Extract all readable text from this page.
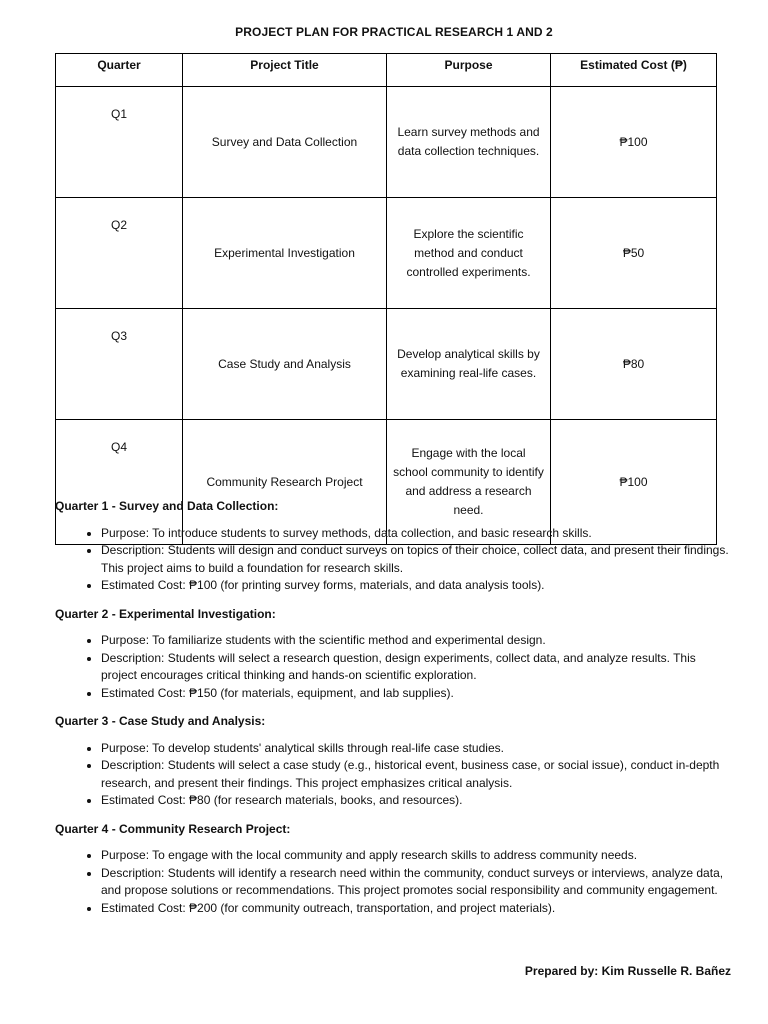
PROJECT PLAN FOR PRACTICAL RESEARCH 1 AND 2
Quarter	Project Title	Purpose	Estimated Cost (₱)
Q1	Survey and Data Collection	Learn survey methods and data collection techniques.	₱100
Q2	Experimental Investigation	Explore the scientific method and conduct controlled experiments.	₱50
Q3	Case Study and Analysis	Develop analytical skills by examining real-life cases.	₱80
Q4	Community Research Project	Engage with the local school community to identify and address a research need.	₱100
Quarter 1 - Survey and Data Collection:
• Purpose: To introduce students to survey methods, data collection, and basic research skills.
• Description: Students will design and conduct surveys on topics of their choice, collect data, and present their findings. This project aims to build a foundation for research skills.
• Estimated Cost: ₱100 (for printing survey forms, materials, and data analysis tools).
Quarter 2 - Experimental Investigation:
• Purpose: To familiarize students with the scientific method and experimental design.
• Description: Students will select a research question, design experiments, collect data, and analyze results. This project encourages critical thinking and hands-on scientific exploration.
• Estimated Cost: ₱150 (for materials, equipment, and lab supplies).
Quarter 3 - Case Study and Analysis:
• Purpose: To develop students' analytical skills through real-life case studies.
• Description: Students will select a case study (e.g., historical event, business case, or social issue), conduct in-depth research, and present their findings. This project emphasizes critical analysis.
• Estimated Cost: ₱80 (for research materials, books, and resources).
Quarter 4 - Community Research Project:
• Purpose: To engage with the local community and apply research skills to address community needs.
• Description: Students will identify a research need within the community, conduct surveys or interviews, analyze data, and propose solutions or recommendations. This project promotes social responsibility and community engagement.
• Estimated Cost: ₱200 (for community outreach, transportation, and project materials).
Prepared by: Kim Russelle R. Bañez
